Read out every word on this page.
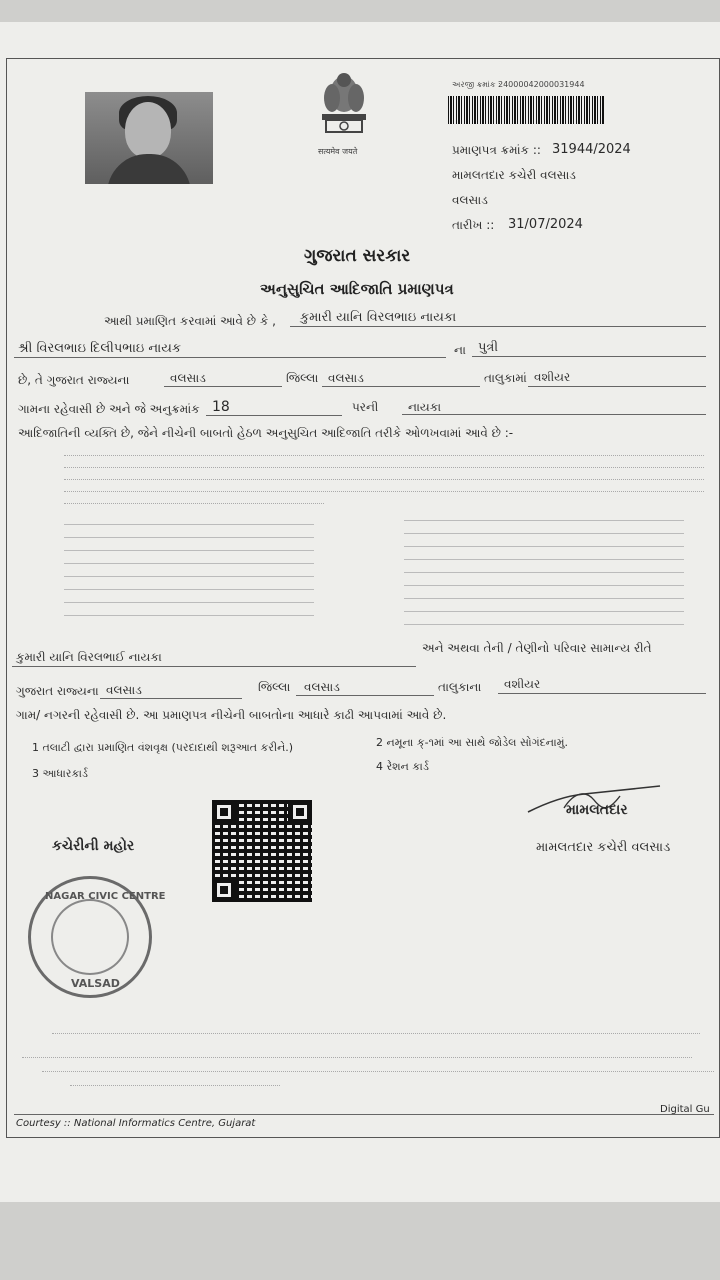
सत्यमेव जयते
અરજી ક્રમાંક :
24000042000031944
પ્રમાણપત્ર ક્રમાંક :: 31944/2024
મામલતદાર કચેરી વલસાડ
વલસાડ
તારીખ :: 31/07/2024
ગુજરાત સરકાર
અનુસુચિત આદિજાતિ પ્રમાણપત્ર
આથી પ્રમાણિત કરવામાં આવે છે કે , કુમારી યાનિ વિરલભાઇ નાયકા
શ્રી વિરલભાઇ દિલીપભાઇ નાયક	ના પુત્રી
છે, તે ગુજરાત રાજ્યના	વલસાડ	જિલ્લા વલસાડ	તાલુકામાં વશીયર
ગામના રહેવાસી છે અને જે અનુક્રમાંક 18	પરની નાયકા
આદિજાતિની વ્યક્તિ છે, જેને નીચેની બાબતો હેઠળ અનુસુચિત આદિજાતિ તરીકે ઓળખવામાં આવે છે :-
કુમારી યાનિ વિરલભાઈ નાયકા
અને અથવા તેની / તેણીનો પરિવાર સામાન્ય રીતે
ગુજરાત રાજ્યના વલસાડ	જિલ્લા વલસાડ	તાલુકાના વશીયર
ગામ/ નગરની રહેવાસી છે. આ પ્રમાણપત્ર નીચેની બાબતોના આધારે કાઢી આપવામાં આવે છે.
1 તલાટી દ્વારા પ્રમાણિત વંશવૃક્ષ (પરદાદાથી શરૂઆત કરીને.)	2 નમૂના ક્-૧માં આ સાથે જોડેલ સોગંદનામું.
3 આધારકાર્ડ
4 રેશન કાર્ડ
કચેરીની મહોર
મામલતદાર
મામલતદાર કચેરી વલસાડ
NAGAR CIVIC CENTRE
VALSAD
Digital Gu
Courtesy :: National Informatics Centre, Gujarat
